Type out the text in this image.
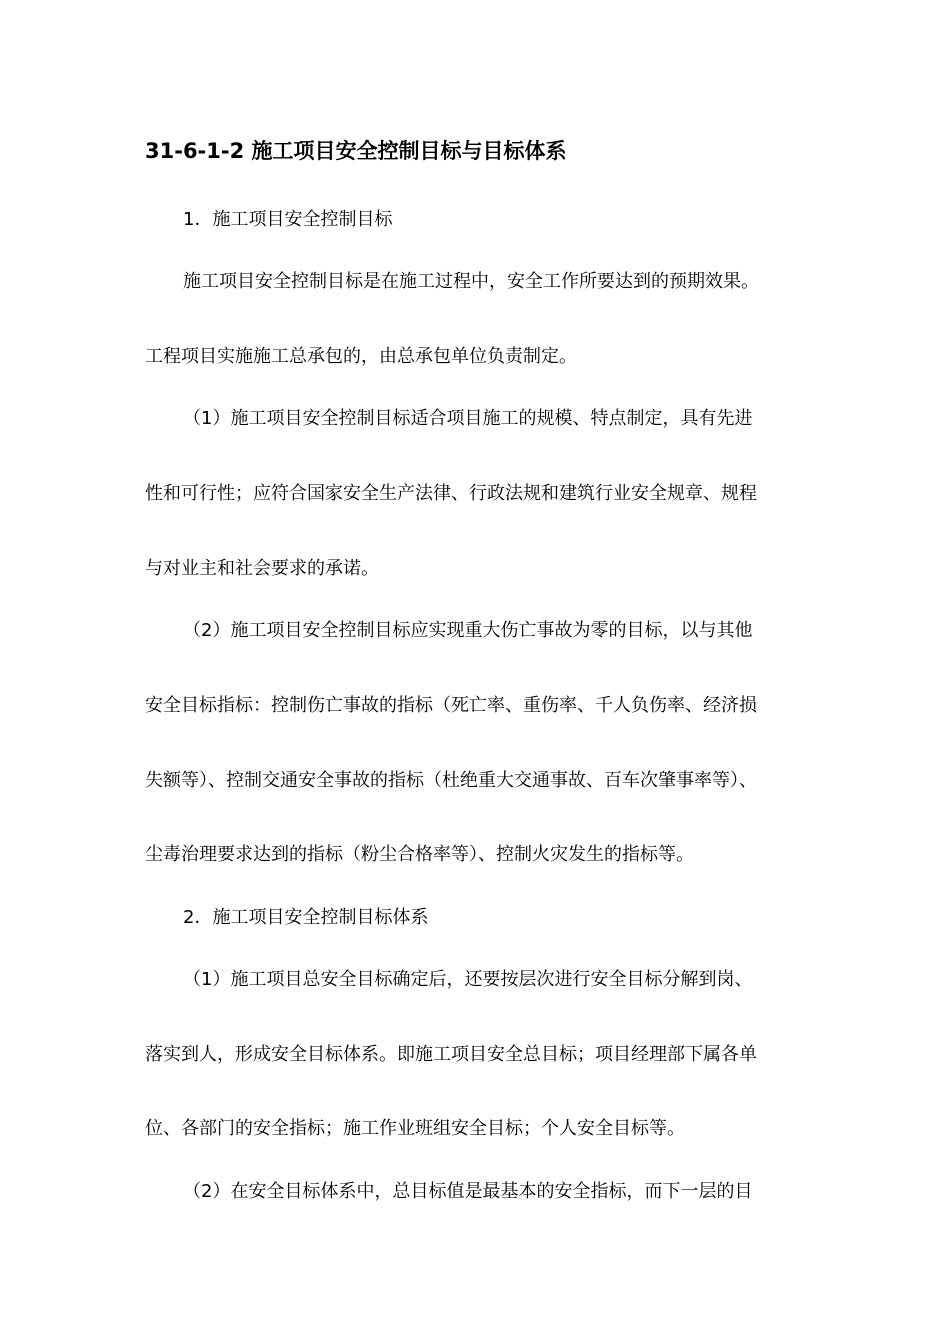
31-6-1-2 施工项目安全控制目标与目标体系
1．施工项目安全控制目标
施工项目安全控制目标是在施工过程中，安全工作所要达到的预期效果。
工程项目实施施工总承包的，由总承包单位负责制定。
（1）施工项目安全控制目标适合项目施工的规模、特点制定，具有先进
性和可行性；应符合国家安全生产法律、行政法规和建筑行业安全规章、规程
与对业主和社会要求的承诺。
（2）施工项目安全控制目标应实现重大伤亡事故为零的目标，以与其他
安全目标指标：控制伤亡事故的指标（死亡率、重伤率、千人负伤率、经济损
失额等）、控制交通安全事故的指标（杜绝重大交通事故、百车次肇事率等）、
尘毒治理要求达到的指标（粉尘合格率等）、控制火灾发生的指标等。
2．施工项目安全控制目标体系
（1）施工项目总安全目标确定后，还要按层次进行安全目标分解到岗、
落实到人，形成安全目标体系。即施工项目安全总目标；项目经理部下属各单
位、各部门的安全指标；施工作业班组安全目标；个人安全目标等。
（2）在安全目标体系中，总目标值是最基本的安全指标，而下一层的目
